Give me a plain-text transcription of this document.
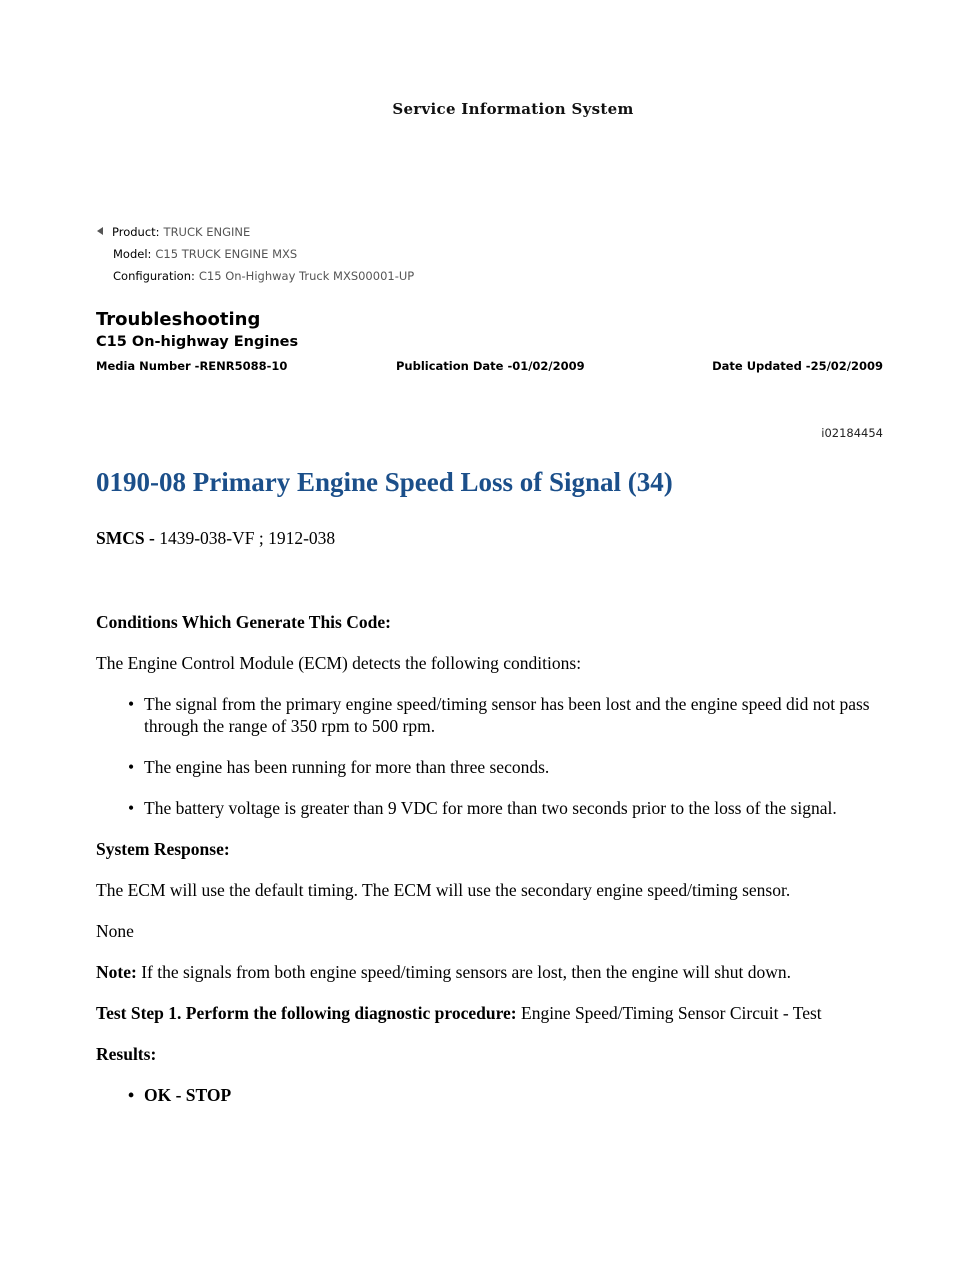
Service Information System
Product: TRUCK ENGINE
Model: C15 TRUCK ENGINE MXS
Configuration: C15 On-Highway Truck MXS00001-UP
Troubleshooting
C15 On-highway Engines
Media Number -RENR5088-10	Publication Date -01/02/2009	Date Updated -25/02/2009
i02184454
0190-08 Primary Engine Speed Loss of Signal (34)

SMCS - 1439-038-VF ; 1912-038

Conditions Which Generate This Code:

The Engine Control Module (ECM) detects the following conditions:

• The signal from the primary engine speed/timing sensor has been lost and the engine speed did not pass through the range of 350 rpm to 500 rpm.
• The engine has been running for more than three seconds.
• The battery voltage is greater than 9 VDC for more than two seconds prior to the loss of the signal.

System Response:

The ECM will use the default timing. The ECM will use the secondary engine speed/timing sensor.

None

Note: If the signals from both engine speed/timing sensors are lost, then the engine will shut down.

Test Step 1. Perform the following diagnostic procedure: Engine Speed/Timing Sensor Circuit - Test

Results:

• OK - STOP
